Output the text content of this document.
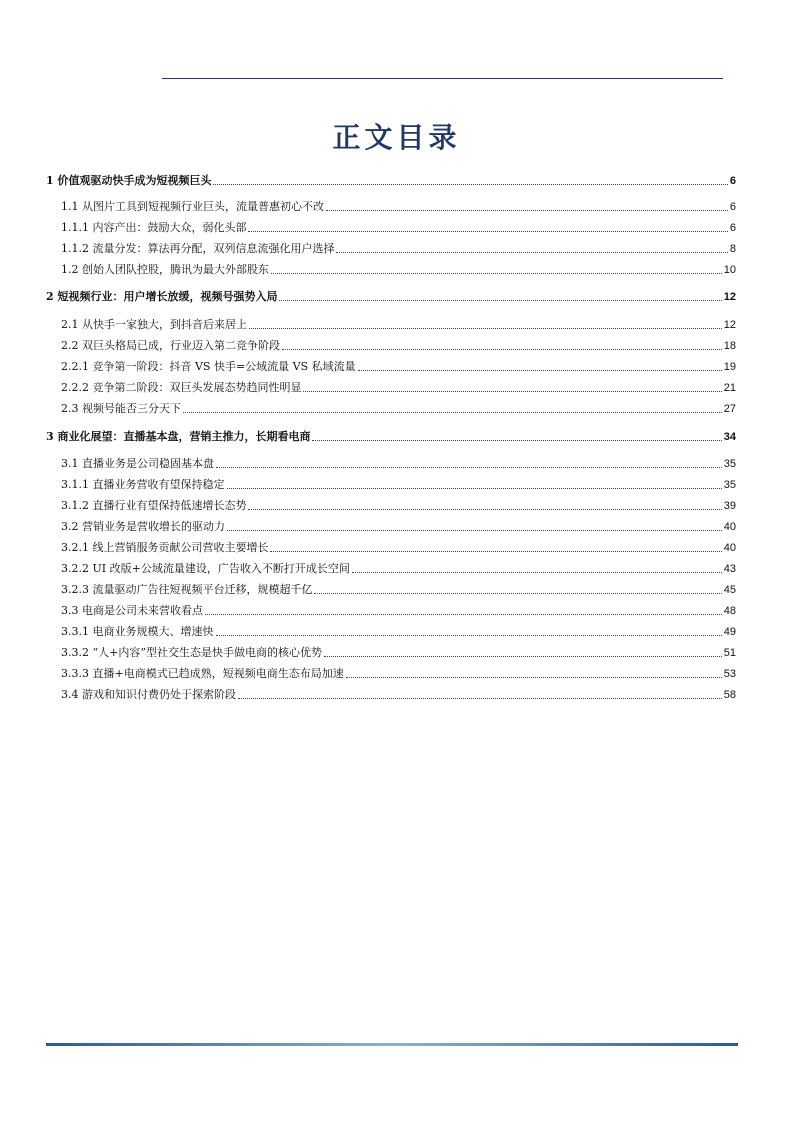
正文目录
1 价值观驱动快手成为短视频巨头	6
1.1 从图片工具到短视频行业巨头，流量普惠初心不改	6
1.1.1 内容产出：鼓励大众，弱化头部	6
1.1.2 流量分发：算法再分配，双列信息流强化用户选择	8
1.2 创始人团队控股，腾讯为最大外部股东	10
2 短视频行业：用户增长放缓，视频号强势入局	12
2.1 从快手一家独大，到抖音后来居上	12
2.2 双巨头格局已成，行业迈入第二竞争阶段	18
2.2.1 竞争第一阶段：抖音 VS 快手=公域流量 VS 私域流量	19
2.2.2 竞争第二阶段：双巨头发展态势趋同性明显	21
2.3 视频号能否三分天下	27
3 商业化展望：直播基本盘，营销主推力，长期看电商	34
3.1 直播业务是公司稳固基本盘	35
3.1.1 直播业务营收有望保持稳定	35
3.1.2 直播行业有望保持低速增长态势	39
3.2 营销业务是营收增长的驱动力	40
3.2.1 线上营销服务贡献公司营收主要增长	40
3.2.2 UI 改版+公域流量建设，广告收入不断打开成长空间	43
3.2.3 流量驱动广告往短视频平台迁移，规模超千亿	45
3.3 电商是公司未来营收看点	48
3.3.1 电商业务规模大、增速快	49
3.3.2 “人+内容”型社交生态是快手做电商的核心优势	51
3.3.3 直播+电商模式已趋成熟，短视频电商生态布局加速	53
3.4 游戏和知识付费仍处于探索阶段	58
